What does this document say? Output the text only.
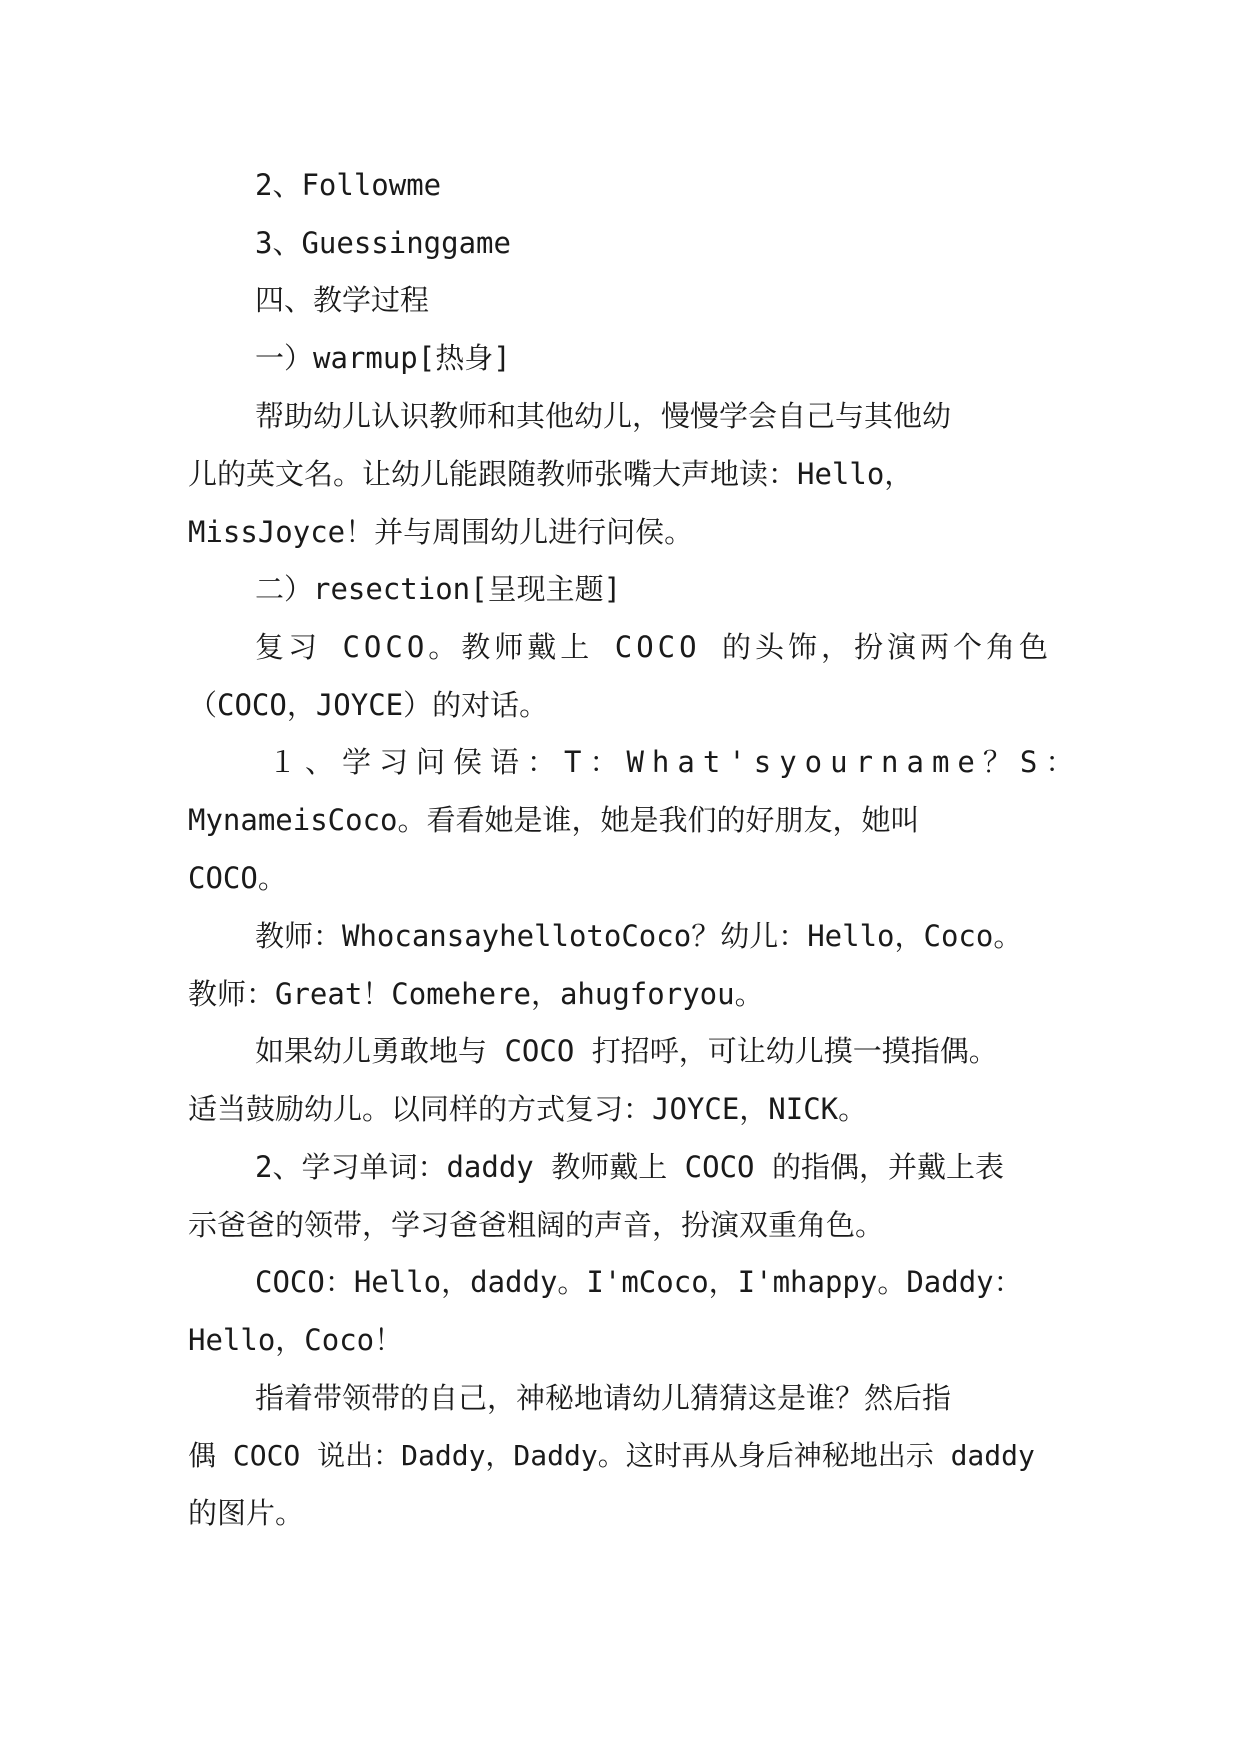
2、Followme
3、Guessinggame
四、教学过程
一）warmup[热身]
帮助幼儿认识教师和其他幼儿，慢慢学会自己与其他幼
儿的英文名。让幼儿能跟随教师张嘴大声地读：Hello，
MissJoyce！并与周围幼儿进行问侯。
二）resection[呈现主题]
复习 COCO。教师戴上 COCO 的头饰，扮演两个角色
（COCO，JOYCE）的对话。
１、学习问侯语：T：What'syourname？S：
MynameisCoco。看看她是谁，她是我们的好朋友，她叫
COCO。
教师：WhocansayhellotoCoco？幼儿：Hello，Coco。
教师：Great！Comehere，ahugforyou。
如果幼儿勇敢地与 COCO 打招呼，可让幼儿摸一摸指偶。
适当鼓励幼儿。以同样的方式复习：JOYCE，NICK。
2、学习单词：daddy 教师戴上 COCO 的指偶，并戴上表
示爸爸的领带，学习爸爸粗阔的声音，扮演双重角色。
COCO：Hello，daddy。I'mCoco，I'mhappy。Daddy：
Hello，Coco！
指着带领带的自己，神秘地请幼儿猜猜这是谁？然后指
偶 COCO 说出：Daddy，Daddy。这时再从身后神秘地出示 daddy
的图片。
